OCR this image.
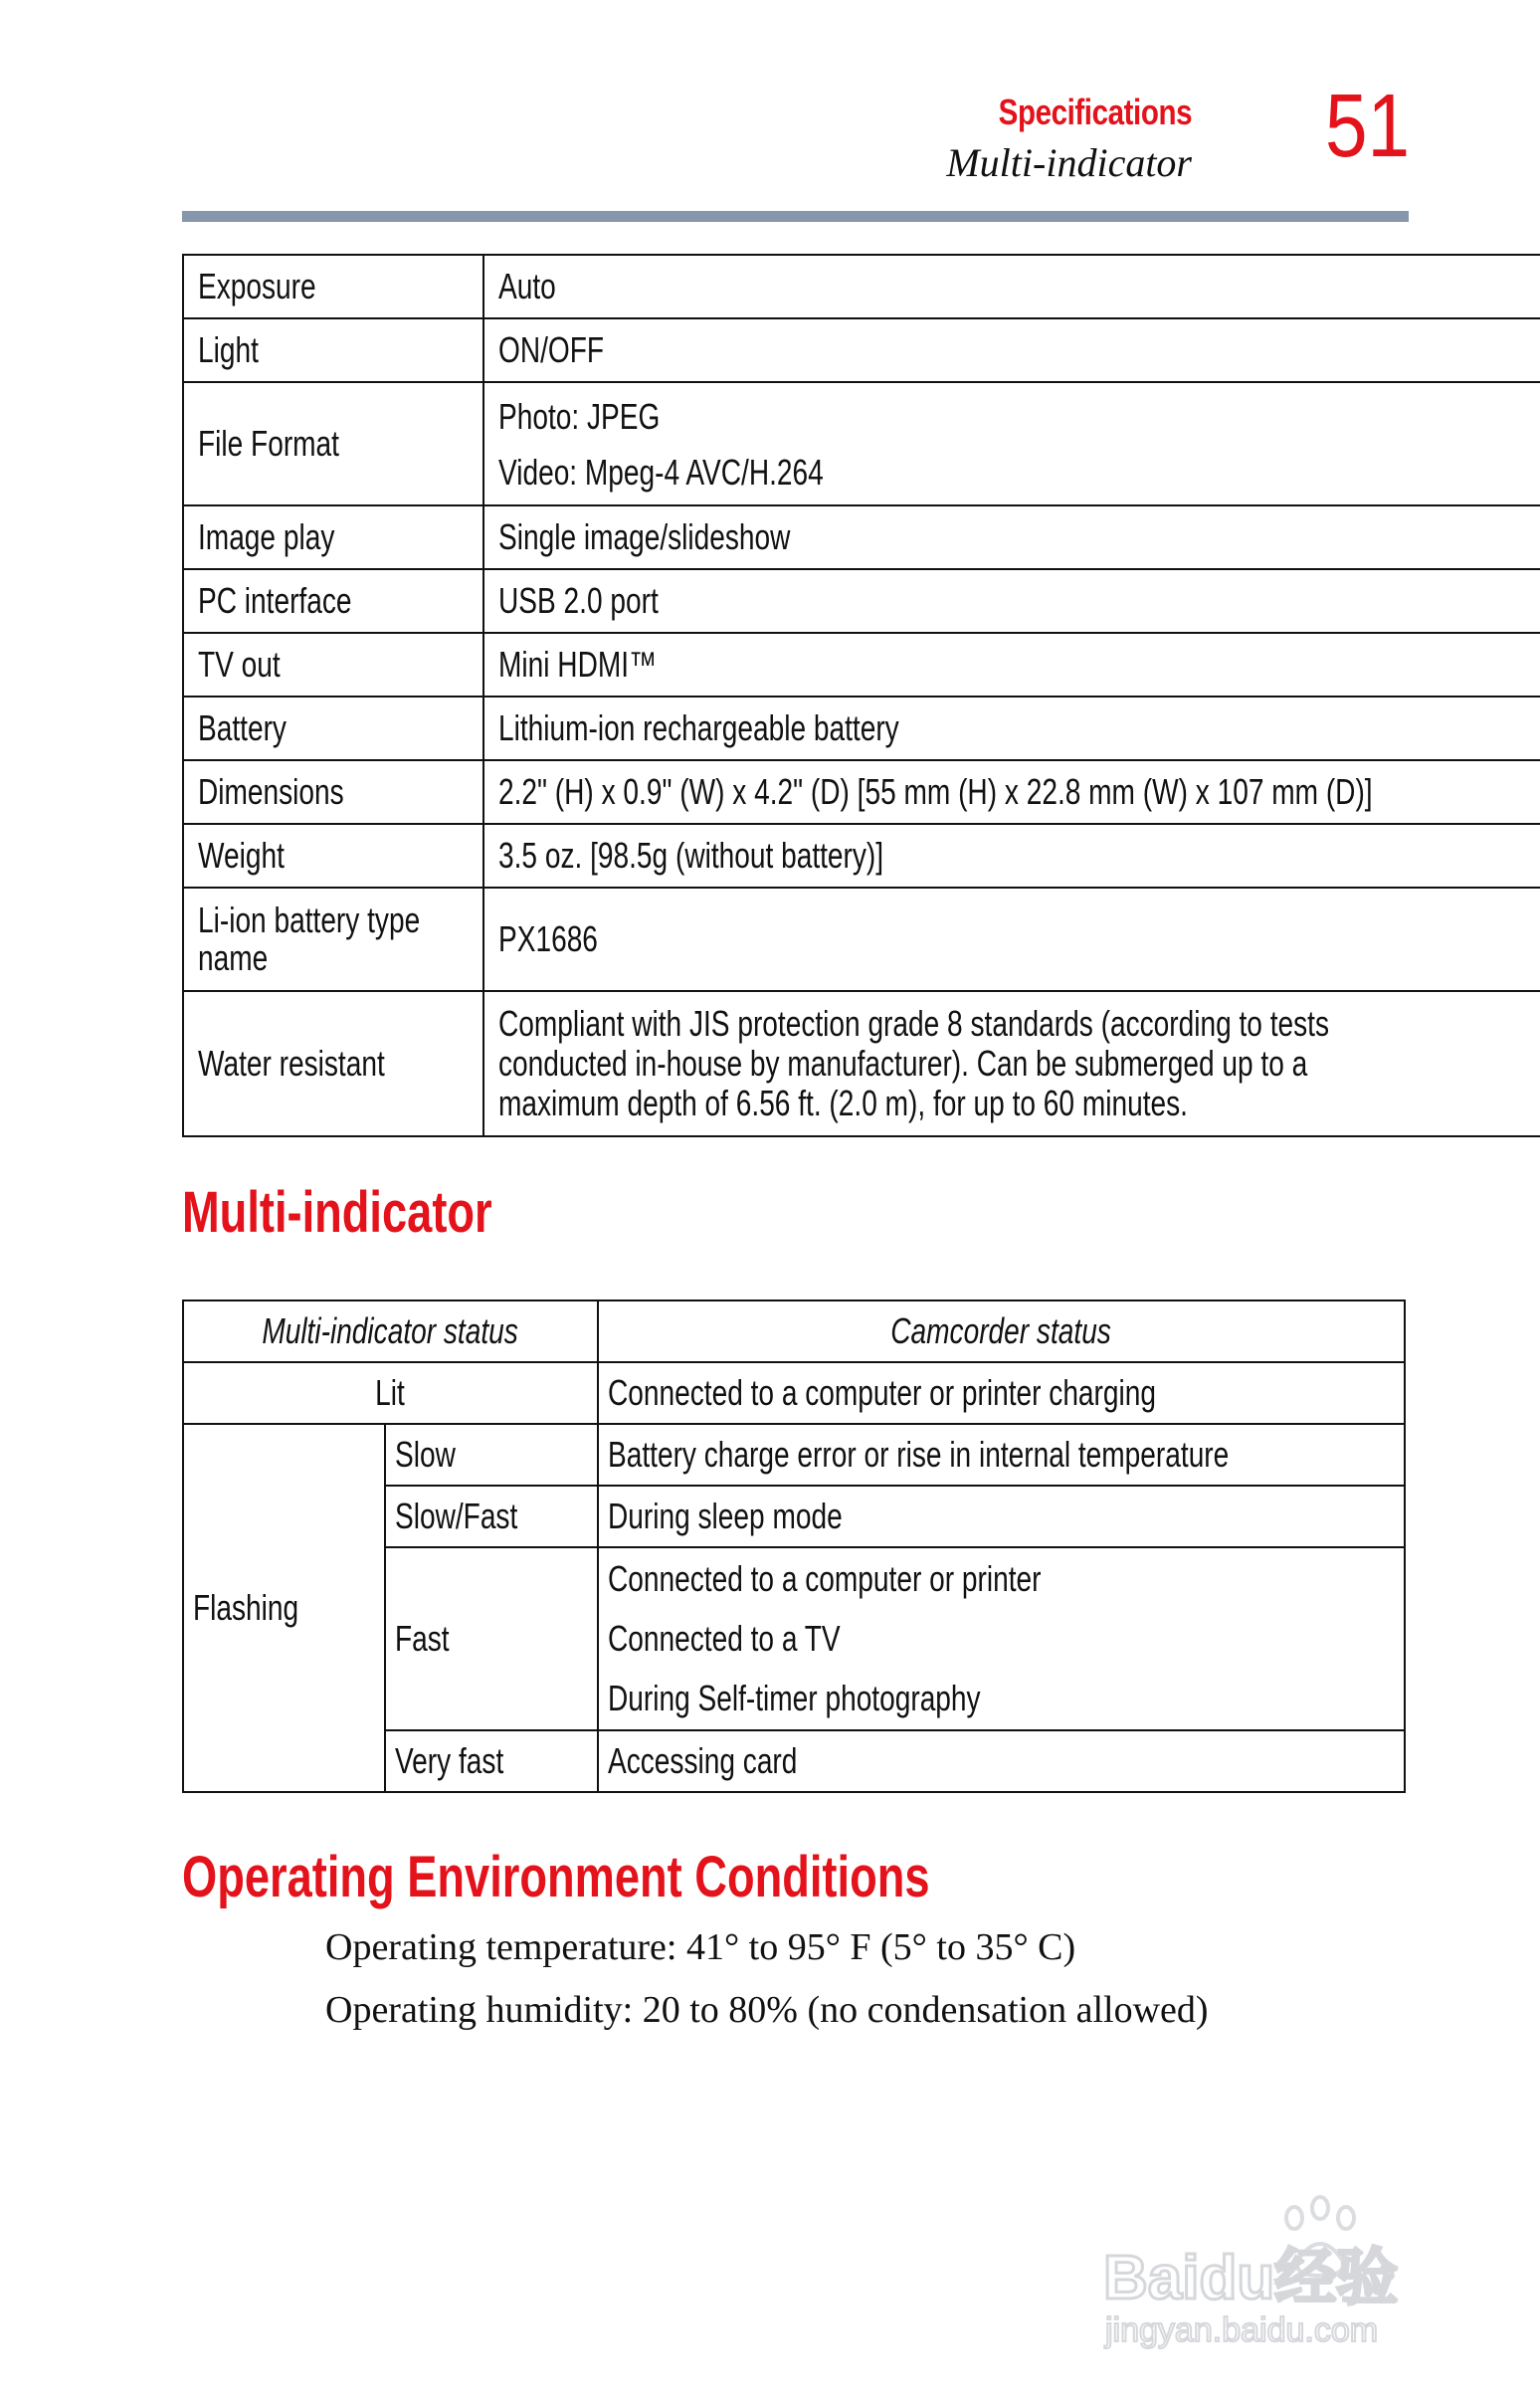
Specifications
Multi-indicator 51
Exposure	Auto
Light	ON/OFF
File Format	Photo: JPEG
Video: Mpeg-4 AVC/H.264

Image play	Single image/slideshow
PC interface	USB 2.0 port
TV out	Mini HDMI™
Battery	Lithium-ion rechargeable battery
Dimensions	2.2" (H) x 0.9" (W) x 4.2" (D) [55 mm (H) x 22.8 mm (W) x 107 mm (D)]
Weight	3.5 oz. [98.5g (without battery)]

Li-ion battery type
name	PX1686
Water resistant	Compliant with JIS protection grade 8 standards (according to tests
conducted in-house by manufacturer). Can be submerged up to a
maximum depth of 6.56 ft. (2.0 m), for up to 60 minutes.
Multi-indicator
Multi-indicator status		Camcorder status
Lit		Connected to a computer or printer charging
Flashing	Slow	Battery charge error or rise in internal temperature
	Slow/Fast	During sleep mode
	Fast	Connected to a computer or printer
Connected to a TV
During Self-timer photography

	Very fast	Accessing card
Operating Environment Conditions
Operating temperature: 41° to 95° F (5° to 35° C)
Operating humidity: 20 to 80% (no condensation allowed)
Baidu经验
jingyan.baidu.com
